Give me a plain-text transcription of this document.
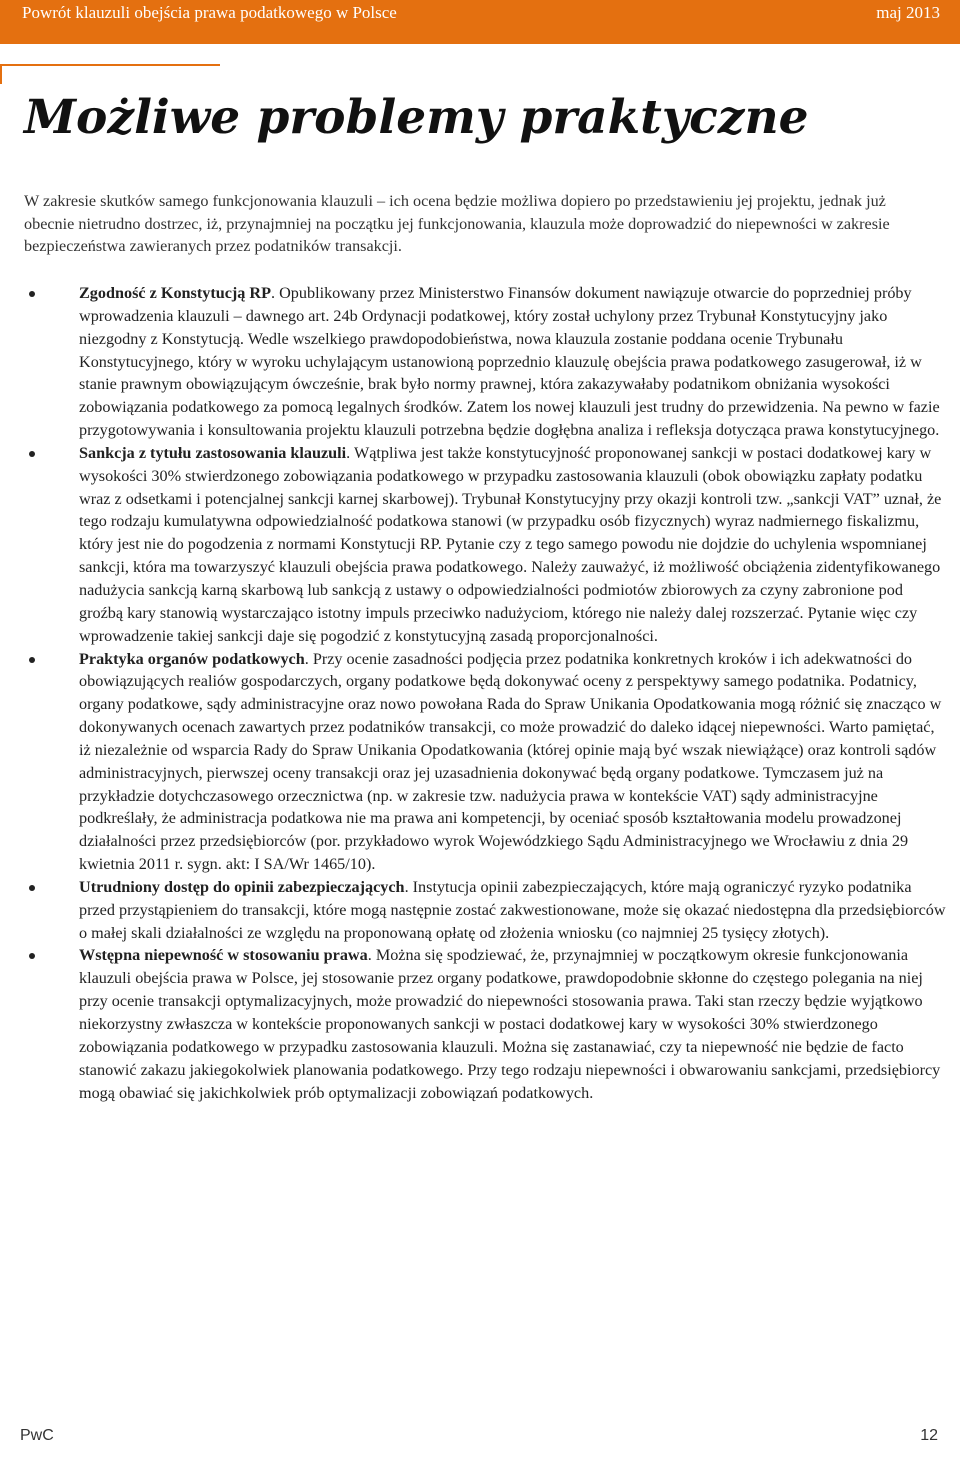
Powrót klauzuli obejścia prawa podatkowego w Polsce	maj 2013
Możliwe problemy praktyczne

W zakresie skutków samego funkcjonowania klauzuli – ich ocena będzie możliwa dopiero po przedstawieniu jej projektu, jednak już obecnie nietrudno dostrzec, iż, przynajmniej na początku jej funkcjonowania, klauzula może doprowadzić do niepewności w zakresie bezpieczeństwa zawieranych przez podatników transakcji.

Zgodność z Konstytucją RP. Opublikowany przez Ministerstwo Finansów dokument nawiązuje otwarcie do poprzedniej próby wprowadzenia klauzuli – dawnego art. 24b Ordynacji podatkowej, który został uchylony przez Trybunał Konstytucyjny jako niezgodny z Konstytucją. Wedle wszelkiego prawdopodobieństwa, nowa klauzula zostanie poddana ocenie Trybunału Konstytucyjnego, który w wyroku uchylającym ustanowioną poprzednio klauzulę obejścia prawa podatkowego zasugerował, iż w stanie prawnym obowiązującym ówcześnie, brak było normy prawnej, która zakazywałaby podatnikom obniżania wysokości zobowiązania podatkowego za pomocą legalnych środków. Zatem los nowej klauzuli jest trudny do przewidzenia. Na pewno w fazie przygotowywania i konsultowania projektu klauzuli potrzebna będzie dogłębna analiza i refleksja dotycząca prawa konstytucyjnego.
Sankcja z tytułu zastosowania klauzuli. Wątpliwa jest także konstytucyjność proponowanej sankcji w postaci dodatkowej kary w wysokości 30% stwierdzonego zobowiązania podatkowego w przypadku zastosowania klauzuli (obok obowiązku zapłaty podatku wraz z odsetkami i potencjalnej sankcji karnej skarbowej). Trybunał Konstytucyjny przy okazji kontroli tzw. „sankcji VAT” uznał, że tego rodzaju kumulatywna odpowiedzialność podatkowa stanowi (w przypadku osób fizycznych) wyraz nadmiernego fiskalizmu, który jest nie do pogodzenia z normami Konstytucji RP. Pytanie czy z tego samego powodu nie dojdzie do uchylenia wspomnianej sankcji, która ma towarzyszyć klauzuli obejścia prawa podatkowego. Należy zauważyć, iż możliwość obciążenia zidentyfikowanego nadużycia sankcją karną skarbową lub sankcją z ustawy o odpowiedzialności podmiotów zbiorowych za czyny zabronione pod groźbą kary stanowią wystarczająco istotny impuls przeciwko nadużyciom, którego nie należy dalej rozszerzać. Pytanie więc czy wprowadzenie takiej sankcji daje się pogodzić z konstytucyjną zasadą proporcjonalności.
Praktyka organów podatkowych. Przy ocenie zasadności podjęcia przez podatnika konkretnych kroków i ich adekwatności do obowiązujących realiów gospodarczych, organy podatkowe będą dokonywać oceny z perspektywy samego podatnika. Podatnicy, organy podatkowe, sądy administracyjne oraz nowo powołana Rada do Spraw Unikania Opodatkowania mogą różnić się znacząco w dokonywanych ocenach zawartych przez podatników transakcji, co może prowadzić do daleko idącej niepewności. Warto pamiętać, iż niezależnie od wsparcia Rady do Spraw Unikania Opodatkowania (której opinie mają być wszak niewiążące) oraz kontroli sądów administracyjnych, pierwszej oceny transakcji oraz jej uzasadnienia dokonywać będą organy podatkowe. Tymczasem już na przykładzie dotychczasowego orzecznictwa (np. w zakresie tzw. nadużycia prawa w kontekście VAT) sądy administracyjne podkreślały, że administracja podatkowa nie ma prawa ani kompetencji, by oceniać sposób kształtowania modelu prowadzonej działalności przez przedsiębiorców (por. przykładowo wyrok Wojewódzkiego Sądu Administracyjnego we Wrocławiu z dnia 29 kwietnia 2011 r. sygn. akt: I SA/Wr 1465/10).
Utrudniony dostęp do opinii zabezpieczających. Instytucja opinii zabezpieczających, które mają ograniczyć ryzyko podatnika przed przystąpieniem do transakcji, które mogą następnie zostać zakwestionowane, może się okazać niedostępna dla przedsiębiorców o małej skali działalności ze względu na proponowaną opłatę od złożenia wniosku (co najmniej 25 tysięcy złotych).
Wstępna niepewność w stosowaniu prawa. Można się spodziewać, że, przynajmniej w początkowym okresie funkcjonowania klauzuli obejścia prawa w Polsce, jej stosowanie przez organy podatkowe, prawdopodobnie skłonne do częstego polegania na niej przy ocenie transakcji optymalizacyjnych, może prowadzić do niepewności stosowania prawa. Taki stan rzeczy będzie wyjątkowo niekorzystny zwłaszcza w kontekście proponowanych sankcji w postaci dodatkowej kary w wysokości 30% stwierdzonego zobowiązania podatkowego w przypadku zastosowania klauzuli. Można się zastanawiać, czy ta niepewność nie będzie de facto stanowić zakazu jakiegokolwiek planowania podatkowego. Przy tego rodzaju niepewności i obwarowaniu sankcjami, przedsiębiorcy mogą obawiać się jakichkolwiek prób optymalizacji zobowiązań podatkowych.
PwC	12
